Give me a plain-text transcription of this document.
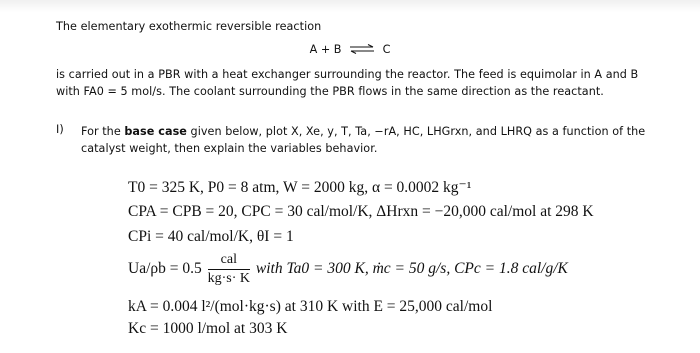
The elementary exothermic reversible reaction
A + B ⇌ C
is carried out in a PBR with a heat exchanger surrounding the reactor. The feed is equimolar in A and B with FA0 = 5 mol/s. The coolant surrounding the PBR flows in the same direction as the reactant.
I) For the base case given below, plot X, Xe, y, T, Ta, −rA, HC, LHGrxn, and LHRQ as a function of the catalyst weight, then explain the variables behavior.
T0 = 325 K, P0 = 8 atm, W = 2000 kg, α = 0.0002 kg⁻¹
CPA = CPB = 20, CPC = 30 cal/mol/K, ΔHrxn = −20,000 cal/mol at 298 K
CPi = 40 cal/mol/K, θI = 1
$Ua/\rho b = 0.5 \frac{\text{cal}}{kg\cdot s\cdot K}$ with Ta0 = 300 K, ṁc = 50 g/s, CPc = 1.8 cal/g/K
kA = 0.004 l²/(mol·kg·s) at 310 K with E = 25,000 cal/mol
Kc = 1000 l/mol at 303 K
